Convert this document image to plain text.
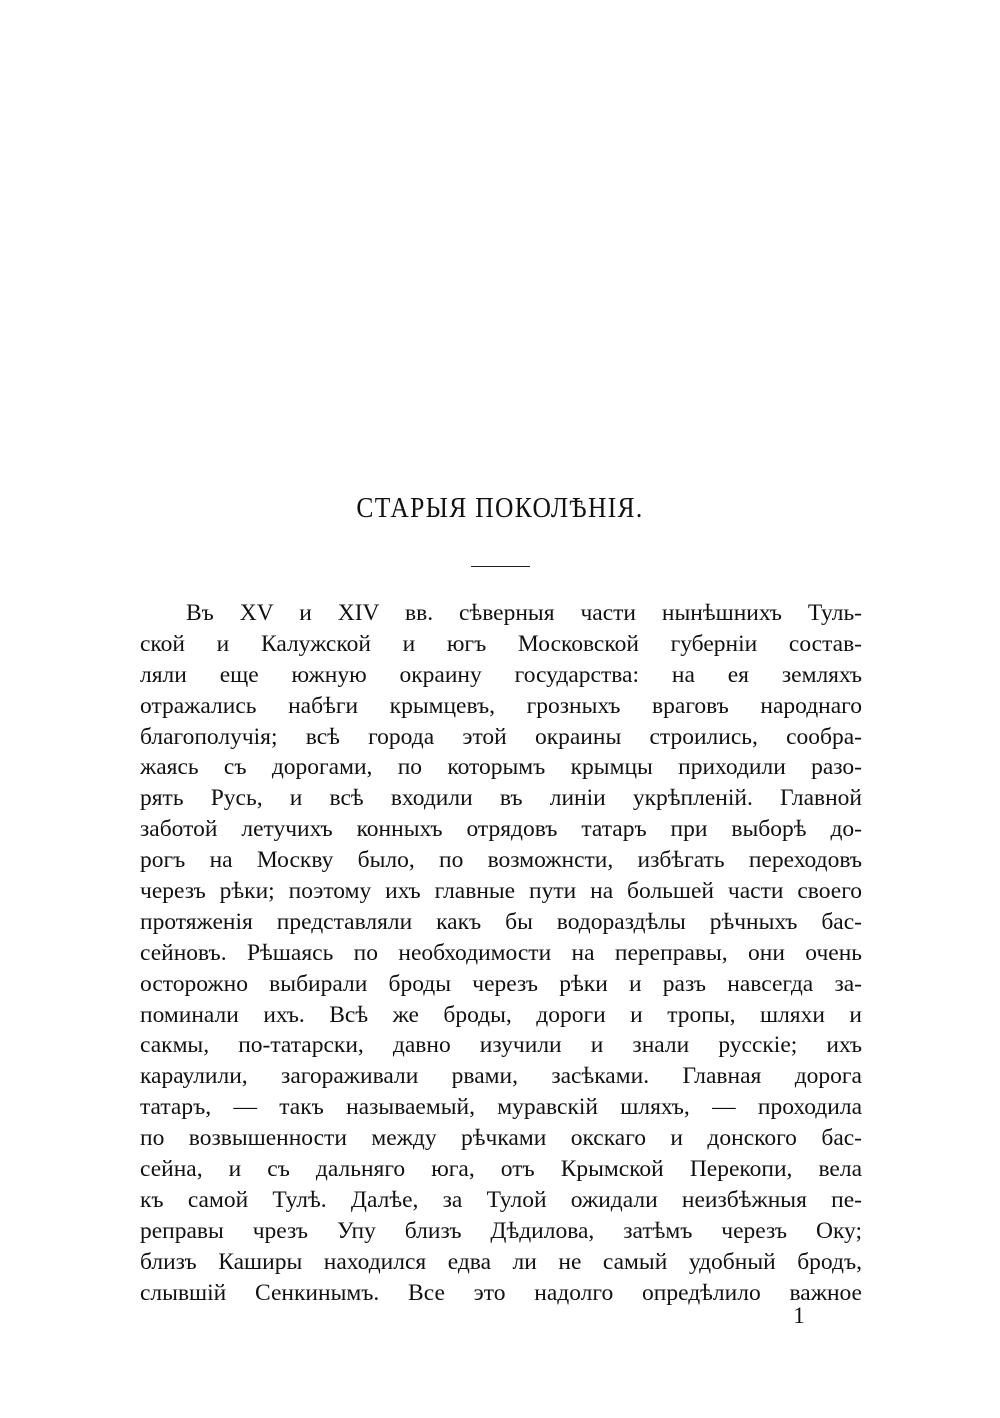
СТАРЫЯ ПОКОЛѢНІЯ.
Въ XV и XIV вв. сѣверныя части нынѣшнихъ Туль-
ской и Калужской и югъ Московской губерніи состав-
ляли еще южную окраину государства: на ея земляхъ
отражались набѣги крымцевъ, грозныхъ враговъ народнаго
благополучія; всѣ города этой окраины строились, сообра-
жаясь съ дорогами, по которымъ крымцы приходили разо-
рять Русь, и всѣ входили въ линіи укрѣпленій. Главной
заботой летучихъ конныхъ отрядовъ татаръ при выборѣ до-
рогъ на Москву было, по возможнсти, избѣгать переходовъ
черезъ рѣки; поэтому ихъ главные пути на большей части своего
протяженія представляли какъ бы водораздѣлы рѣчныхъ бас-
сейновъ. Рѣшаясь по необходимости на переправы, они очень
осторожно выбирали броды черезъ рѣки и разъ навсегда за-
поминали ихъ. Всѣ же броды, дороги и тропы, шляхи и
сакмы, по-татарски, давно изучили и знали русскіе; ихъ
караулили, загораживали рвами, засѣками. Главная дорога
татаръ, — такъ называемый, муравскій шляхъ, — проходила
по возвышенности между рѣчками окскаго и донского бас-
сейна, и съ дальняго юга, отъ Крымской Перекопи, вела
къ самой Тулѣ. Далѣе, за Тулой ожидали неизбѣжныя пе-
реправы чрезъ Упу близъ Дѣдилова, затѣмъ черезъ Оку;
близъ Каширы находился едва ли не самый удобный бродъ,
слывшій Сенкинымъ. Все это надолго опредѣлило важное
1
